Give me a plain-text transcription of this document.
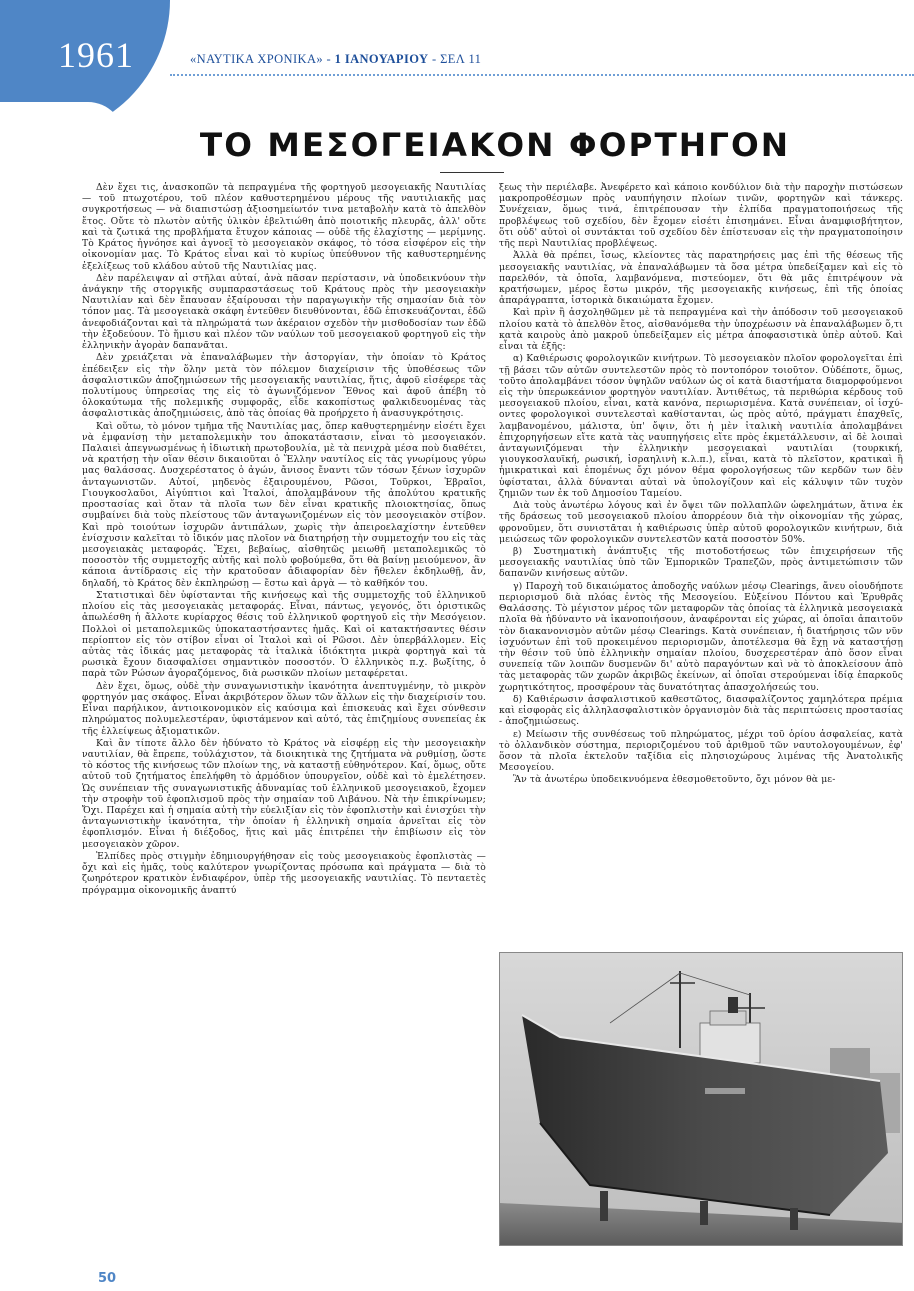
1961	«ΝΑΥΤΙΚΑ ΧΡΟΝΙΚΑ» - 1 ΙΑΝΟΥΑΡΙΟΥ - ΣΕΛ 11
ΤΟ ΜΕΣΟΓΕΙΑΚΟΝ ΦΟΡΤΗΓΟΝ

Δὲν ἔχει τις, ἀνασκοπῶν τὰ πεπραγμένα τῆς φορτηγοῦ μεσογειακῆς Ναυτιλίας — τοῦ πτωχοτέρου, τοῦ πλέον καθυστερημένου μέρους τῆς ναυτιλιακῆς μας συγκροτήσεως — νὰ διαπιστώσῃ ἀξιοσημείωτόν τινα μεταβολὴν κατὰ τὸ ἀπελθὸν ἔτος. Οὔτε τὸ πλωτὸν αὐτῆς ὑλικὸν ἐβελτιώθη ἀπὸ ποιοτικῆς πλευρᾶς, ἀλλ' οὔτε καὶ τὰ ζωτικά της προβλήματα ἔτυχον κάποιας — οὐδὲ τῆς ἐλαχίστης — μερίμνης. Τὸ Κράτος ἠγνόησε καὶ ἀγνοεῖ τὸ μεσογειακὸν σκάφος, τὸ τόσα εἰσφέρον εἰς τὴν οἰκονομίαν μας. Τὸ Κράτος εἶναι καὶ τὸ κυρίως ὑπεύθυνον τῆς καθυστερημένης ἐξελίξεως τοῦ κλάδου αὐτοῦ τῆς Ναυτιλίας μας.

Δὲν παρέλειψαν αἱ στῆλαι αὐταί, ἀνὰ πᾶσαν περίστασιν, νὰ ὑποδεικνύουν τὴν ἀνάγκην τῆς στοργικῆς συμπαραστάσεως τοῦ Κράτους πρὸς τὴν μεσογειακὴν Ναυτιλίαν καὶ δὲν ἔπαυσαν ἐξαίρουσαι τὴν παραγωγικὴν τῆς σημασίαν διὰ τὸν τόπον μας. Τὰ μεσογειακὰ σκάφη ἐντεῦθεν διευθύνονται, ἐδῶ ἐπισκευάζονται, ἐδῶ ἀνεφοδιάζονται καὶ τὰ πληρώματά των ἀκέραιον σχεδὸν τὴν μισθοδοσίαν των ἐδῶ τὴν ἐξοδεύουν. Τὸ ἥμισυ καὶ πλέον τῶν ναύλων τοῦ μεσογειακοῦ φορτηγοῦ εἰς τὴν ἑλληνικὴν ἀγορὰν δαπανᾶται.

Δὲν χρειάζεται νὰ ἐπαναλάβωμεν τὴν ἀστοργίαν, τὴν ὁποίαν τὸ Κράτος ἐπέδειξεν εἰς τὴν ὅλην μετὰ τὸν πόλεμον διαχείρισιν τῆς ὑποθέσεως τῶν ἀσφαλιστικῶν ἀποζημιώσεων τῆς μεσογειακῆς ναυτιλίας, ἥτις, ἀφοῦ εἰσέφερε τὰς πολυτίμους ὑπηρεσίας της εἰς τὸ ἀγωνιζόμενον Ἔθνος καὶ ἀφοῦ ἀπέβη τὸ ὁλοκαύτωμα τῆς πολεμικῆς συμφορᾶς, εἶδε κακοπίστως φαλκιδευομένας τὰς ἀσφαλιστικὰς ἀποζημιώσεις, ἀπὸ τὰς ὁποίας θὰ προήρχετο ἡ ἀνασυγκρότησις.

Καὶ οὕτω, τὸ μόνον τμῆμα τῆς Ναυτιλίας μας, ὅπερ καθυστερημένην εἰσέτι ἔχει νὰ ἐμφανίσῃ τὴν μεταπολεμικὴν του ἀποκατάστασιν, εἶναι τὸ μεσογειακόν. Παλαιεὶ ἀπεγνωσμένως ἡ ἰδιωτικὴ πρωτοβουλία, μὲ τὰ πενιχρὰ μέσα ποὺ διαθέτει, νὰ κρατήσῃ τὴν οἵαν θέσιν δικαιοῦται ὁ Ἕλλην ναυτίλος εἰς τὰς γνωρίμους γύρω μας θαλάσσας. Δυσχερέστατος ὁ ἀγών, ἄνισος ἔναντι τῶν τόσων ξένων ἰσχυρῶν ἀνταγωνιστῶν. Αὐτοί, μηδενὸς ἐξαιρουμένου, Ρῶσοι, Τοῦρκοι, Ἑβραῖοι, Γιουγκοσλαῦοι, Αἰγύπτιοι καὶ Ἰταλοί, ἀπολαμβάνουν τῆς ἀπολύτου κρατικῆς προστασίας καὶ ὅταν τὰ πλοῖα των δὲν εἶναι κρατικῆς πλοιοκτησίας, ὅπως συμβαίνει διὰ τοὺς πλείστους τῶν ἀνταγωνιζομένων εἰς τὸν μεσογειακὸν στίβον. Καὶ πρὸ τοιούτων ἰσχυρῶν ἀντιπάλων, χωρὶς τὴν ἀπειροελαχίστην ἐντεῦθεν ἐνίσχυσιν καλεῖται τὸ ἰδικόν μας πλοῖον νὰ διατηρήσῃ τὴν συμμετοχήν του εἰς τὰς μεσογειακὰς μεταφοράς. Ἔχει, βεβαίως, αἰσθητῶς μειωθῆ μεταπολεμικῶς τὸ ποσοστὸν τῆς συμμετοχῆς αὐτῆς καὶ πολὺ φοβούμεθα, ὅτι θὰ βαίνῃ μειούμενον, ἂν κάποια ἀντίδρασις εἰς τὴν κρατοῦσαν ἀδιαφορίαν δὲν ἤθελεν ἐκδηλωθῇ, ἄν, δηλαδή, τὸ Κράτος δὲν ἐκπληρώσῃ — ἔστω καὶ ἀργὰ — τὸ καθῆκόν του.

Στατιστικαὶ δὲν ὑφίστανται τῆς κινήσεως καὶ τῆς συμμετοχῆς τοῦ ἑλληνικοῦ πλοίου εἰς τὰς μεσογειακὰς μεταφοράς. Εἶναι, πάντως, γεγονός, ὅτι ὁριστικῶς ἀπωλέσθη ἡ ἄλλοτε κυρίαρχος θέσις τοῦ ἑλληνικοῦ φορτηγοῦ εἰς τὴν Μεσόγειον. Πολλοὶ οἱ μεταπολεμικῶς ὑποκαταστήσαντες ἡμᾶς. Καὶ οἱ κατακτήσαντες θέσιν περίοπτον εἰς τὸν στίβον εἶναι οἱ Ἰταλοὶ καὶ οἱ Ρῶσοι. Δὲν ὑπερβάλλομεν. Εἰς αὐτὰς τὰς ἰδικάς μας μεταφορὰς τὰ ἰταλικὰ ἰδιόκτητα μικρὰ φορτηγὰ καὶ τὰ ρωσικὰ ἔχουν διασφαλίσει σημαντικὸν ποσοστόν. Ὁ ἑλληνικὸς π.χ. βωξίτης, ὁ παρὰ τῶν Ρώσων ἀγοραζόμενος, διὰ ρωσικῶν πλοίων μεταφέρεται.

Δὲν ἔχει, ὅμως, οὐδὲ τὴν συναγωνιστικὴν ἱκανότητα ἀνεπτυγμένην, τὸ μικρὸν φορτηγόν μας σκάφος. Εἶναι ἀκριβότερον ὅλων τῶν ἄλλων εἰς τὴν διαχείρισίν του. Εἶναι παρήλικον, ἀντιοικονομικὸν εἰς καύσιμα καὶ ἐπισκευὰς καὶ ἔχει σύνθεσιν πληρώματος πολυμελεστέραν, ὑφιστάμενον καὶ αὐτό, τὰς ἐπιζημίους συνεπείας ἐκ τῆς ἐλλείψεως ἀξιοματικῶν.

Καὶ ἂν τίποτε ἄλλο δὲν ἠδύνατο τὸ Κράτος νὰ εἰσφέρῃ εἰς τὴν μεσογειακὴν ναυτιλίαν, θὰ ἔπρεπε, τοὐλάχιστον, τὰ διοικητικὰ της ζητήματα νὰ ρυθμίσῃ, ὥστε τὸ κόστος τῆς κινήσεως τῶν πλοίων της, νὰ καταστῇ εὐθηνότερον. Καί, ὅμως, οὔτε αὐτοῦ τοῦ ζητήματος ἐπελήφθη τὸ ἁρμόδιον ὑπουργεῖον, οὐδὲ καὶ τὸ ἐμελέτησεν. Ὡς συνέπειαν τῆς συναγωνιστικῆς ἀδυναμίας τοῦ ἑλληνικοῦ μεσογειακοῦ, ἔχομεν τὴν στροφὴν τοῦ ἐφοπλισμοῦ πρὸς τὴν σημαίαν τοῦ Λιβάνου. Νὰ τὴν ἐπικρίνωμεν; Ὄχι. Παρέχει καὶ ἡ σημαία αὐτὴ τὴν εὐελιξίαν εἰς τὸν ἐφοπλιστὴν καὶ ἐνισχύει τὴν ἀνταγωνιστικὴν ἱκανότητα, τὴν ὁποίαν ἡ ἑλληνικὴ σημαία ἀρνεῖται εἰς τὸν ἐφοπλισμόν. Εἶναι ἡ διέξοδος, ἥτις καὶ μᾶς ἐπιτρέπει τὴν ἐπιβίωσιν εἰς τὸν μεσογειακὸν χῶρον.

Ἐλπίδες πρὸς στιγμὴν ἐδημιουργήθησαν εἰς τοὺς μεσογειακοὺς ἐφοπλιστὰς — ὄχι καὶ εἰς ἡμᾶς, τοὺς καλύτερον γνωρίζοντας πρόσωπα καὶ πράγματα — διὰ τὸ ζωηρότερον κρατικὸν ἐνδιαφέρον, ὑπὲρ τῆς μεσογειακῆς ναυτιλίας. Τὸ πενταετὲς πρόγραμμα οἰκονομικῆς ἀναπτύ

ξεως τὴν περιέλαβε. Ἀνεφέρετο καὶ κάποιο κονδύλιον διὰ τὴν παροχὴν πιστώσεων μακροπροθέσμων πρὸς ναυπήγησιν πλοίων τινῶν, φορτηγῶν καὶ τάνκερς. Συνέχειαν, ὅμως τινά, ἐπιτρέπουσαν τὴν ἐλπίδα πραγματοποιήσεως τῆς προβλέψεως τοῦ σχεδίου, δὲν ἔχομεν εἰσέτι ἐπισημάνει. Εἶναι ἀναμφισβήτητον, ὅτι οὐδ' αὐτοὶ οἱ συντάκται τοῦ σχεδίου δὲν ἐπίστευσαν εἰς τὴν πραγματοποίησιν τῆς περὶ Ναυτιλίας προβλέψεως.

Ἀλλὰ θὰ πρέπει, ἴσως, κλείοντες τὰς παρατηρήσεις μας ἐπὶ τῆς θέσεως τῆς μεσογειακῆς ναυτιλίας, νὰ ἐπαναλάβωμεν τὰ ὅσα μέτρα ὑπεδείξαμεν καὶ εἰς τὸ παρελθόν, τὰ ὁποῖα, λαμβανόμενα, πιστεύομεν, ὅτι θὰ μᾶς ἐπιτρέψουν νὰ κρατήσωμεν, μέρος ἔστω μικρόν, τῆς μεσογειακῆς κινήσεως, ἐπὶ τῆς ὁποίας ἀπαράγραπτα, ἱστορικὰ δικαιώματα ἔχομεν.

Καὶ πρὶν ἢ ἀσχοληθῶμεν μὲ τὰ πεπραγμένα καὶ τὴν ἀπόδοσιν τοῦ μεσογειακοῦ πλοίου κατὰ τὸ ἀπελθὸν ἔτος, αἰσθανόμεθα τὴν ὑποχρέωσιν νὰ ἐπαναλάβωμεν ὅ,τι κατὰ καιροὺς ἀπὸ μακροῦ ὑπεδείξαμεν εἰς μέτρα ἀποφασιστικὰ ὑπὲρ αὐτοῦ. Καὶ εἶναι τὰ ἑξῆς:

α) Καθιέρωσις φορολογικῶν κινήτρων. Τὸ μεσογειακὸν πλοῖον φορολογεῖται ἐπὶ τῇ βάσει τῶν αὐτῶν συντελεστῶν πρὸς τὸ ποντοπόρον τοιοῦτον. Οὐδέποτε, ὅμως, τοῦτο ἀπολαμβάνει τόσον ὑψηλῶν ναύλων ὡς οἱ κατὰ διαστήματα διαμορφούμενοι εἰς τὴν ὑπερωκεάνιον φορτηγὸν ναυτιλίαν. Ἀντιθέτως, τὰ περιθώρια κέρδους τοῦ μεσογειακοῦ πλοίου, εἶναι, κατὰ κανόνα, περιωρισμένα. Κατὰ συνέπειαν, οἱ ἰσχύοντες φορολογικοὶ συντελεσταὶ καθίστανται, ὡς πρὸς αὐτό, πράγματι ἐπαχθεῖς, λαμβανομένου, μάλιστα, ὑπ' ὄψιν, ὅτι ἡ μὲν ἰταλικὴ ναυτιλία ἀπολαμβάνει ἐπιχορηγήσεων εἴτε κατὰ τὰς ναυπηγήσεις εἴτε πρὸς ἐκμετάλλευσιν, αἱ δὲ λοιπαὶ ἀνταγωνιζόμεναι τὴν ἑλληνικὴν μεσογειακαὶ ναυτιλίαι (τουρκική, γιουγκοσλαυϊκή, ρωσική, ἰσραηλινὴ κ.λ.π.), εἶναι, κατὰ τὸ πλεῖστον, κρατικαὶ ἢ ἡμικρατικαὶ καὶ ἑπομένως ὄχι μόνον θέμα φορολογήσεως τῶν κερδῶν των δὲν ὑφίσταται, ἀλλὰ δύνανται αὐταὶ νὰ ὑπολογίζουν καὶ εἰς κάλυψιν τῶν τυχὸν ζημιῶν των ἐκ τοῦ Δημοσίου Ταμείου.

Διὰ τοὺς ἀνωτέρω λόγους καὶ ἐν ὄψει τῶν πολλαπλῶν ὠφελημάτων, ἅτινα ἐκ τῆς δράσεως τοῦ μεσογειακοῦ πλοίου ἀπορρέουν διὰ τὴν οἰκονομίαν τῆς χώρας, φρονοῦμεν, ὅτι συνιστᾶται ἡ καθιέρωσις ὑπὲρ αὐτοῦ φορολογικῶν κινήτρων, διὰ μειώσεως τῶν φορολογικῶν συντελεστῶν κατὰ ποσοστὸν 50%.

β) Συστηματικὴ ἀνάπτυξις τῆς πιστοδοτήσεως τῶν ἐπιχειρήσεων τῆς μεσογειακῆς ναυτιλίας ὑπὸ τῶν Ἐμπορικῶν Τραπεζῶν, πρὸς ἀντιμετώπισιν τῶν δαπανῶν κινήσεως αὐτῶν.

γ) Παροχὴ τοῦ δικαιώματος ἀποδοχῆς ναύλων μέσῳ Clearings, ἄνευ οἱουδήποτε περιορισμοῦ διὰ πλόας ἐντὸς τῆς Μεσογείου. Εὐξείνου Πόντου καὶ Ἐρυθρᾶς Θαλάσσης. Τὸ μέγιστον μέρος τῶν μεταφορῶν τὰς ὁποίας τὰ ἑλληνικὰ μεσογειακὰ πλοῖα θὰ ἠδύναντο νὰ ἱκανοποιήσουν, ἀναφέρονται εἰς χώρας, αἱ ὁποῖαι ἀπαιτοῦν τὸν διακανονισμὸν αὐτῶν μέσῳ Clearings. Κατὰ συνέπειαν, ἡ διατήρησις τῶν νῦν ἰσχυόντων ἐπὶ τοῦ προκειμένου περιορισμῶν, ἀποτέλεσμα θὰ ἔχῃ νὰ καταστήσῃ τὴν θέσιν τοῦ ὑπὸ ἑλληνικὴν σημαίαν πλοίου, δυσχερεστέραν ἀπὸ ὅσον εἶναι συνεπείᾳ τῶν λοιπῶν δυσμενῶν δι' αὐτὸ παραγόντων καὶ νὰ τὸ ἀποκλείσουν ἀπὸ τὰς μεταφορὰς τῶν χωρῶν ἀκριβῶς ἐκείνων, αἱ ὁποῖαι στερούμεναι ἰδίᾳ ἐπαρκοῦς χωρητικότητος, προσφέρουν τὰς δυνατότητας ἀπασχολήσεώς του.

δ) Καθιέρωσιν ἀσφαλιστικοῦ καθεστῶτος, διασφαλίζοντος χαμηλότερα πρέμια καὶ εἰσφορὰς εἰς ἀλληλασφαλιστικὸν ὀργανισμὸν διὰ τὰς περιπτώσεις προστασίας - ἀποζημιώσεως.

ε) Μείωσιν τῆς συνθέσεως τοῦ πληρώματος, μέχρι τοῦ ὁρίου ἀσφαλείας, κατὰ τὸ ὁλλανδικὸν σύστημα, περιοριζομένου τοῦ ἀριθμοῦ τῶν ναυτολογουμένων, ἐφ' ὅσον τὰ πλοῖα ἐκτελοῦν ταξίδια εἰς πλησιοχώρους λιμένας τῆς Ἀνατολικῆς Μεσογείου.

Ἂν τὰ ἀνωτέρω ὑποδεικνυόμενα ἐθεσμοθετοῦντο, ὄχι μόνον θὰ με-

50
